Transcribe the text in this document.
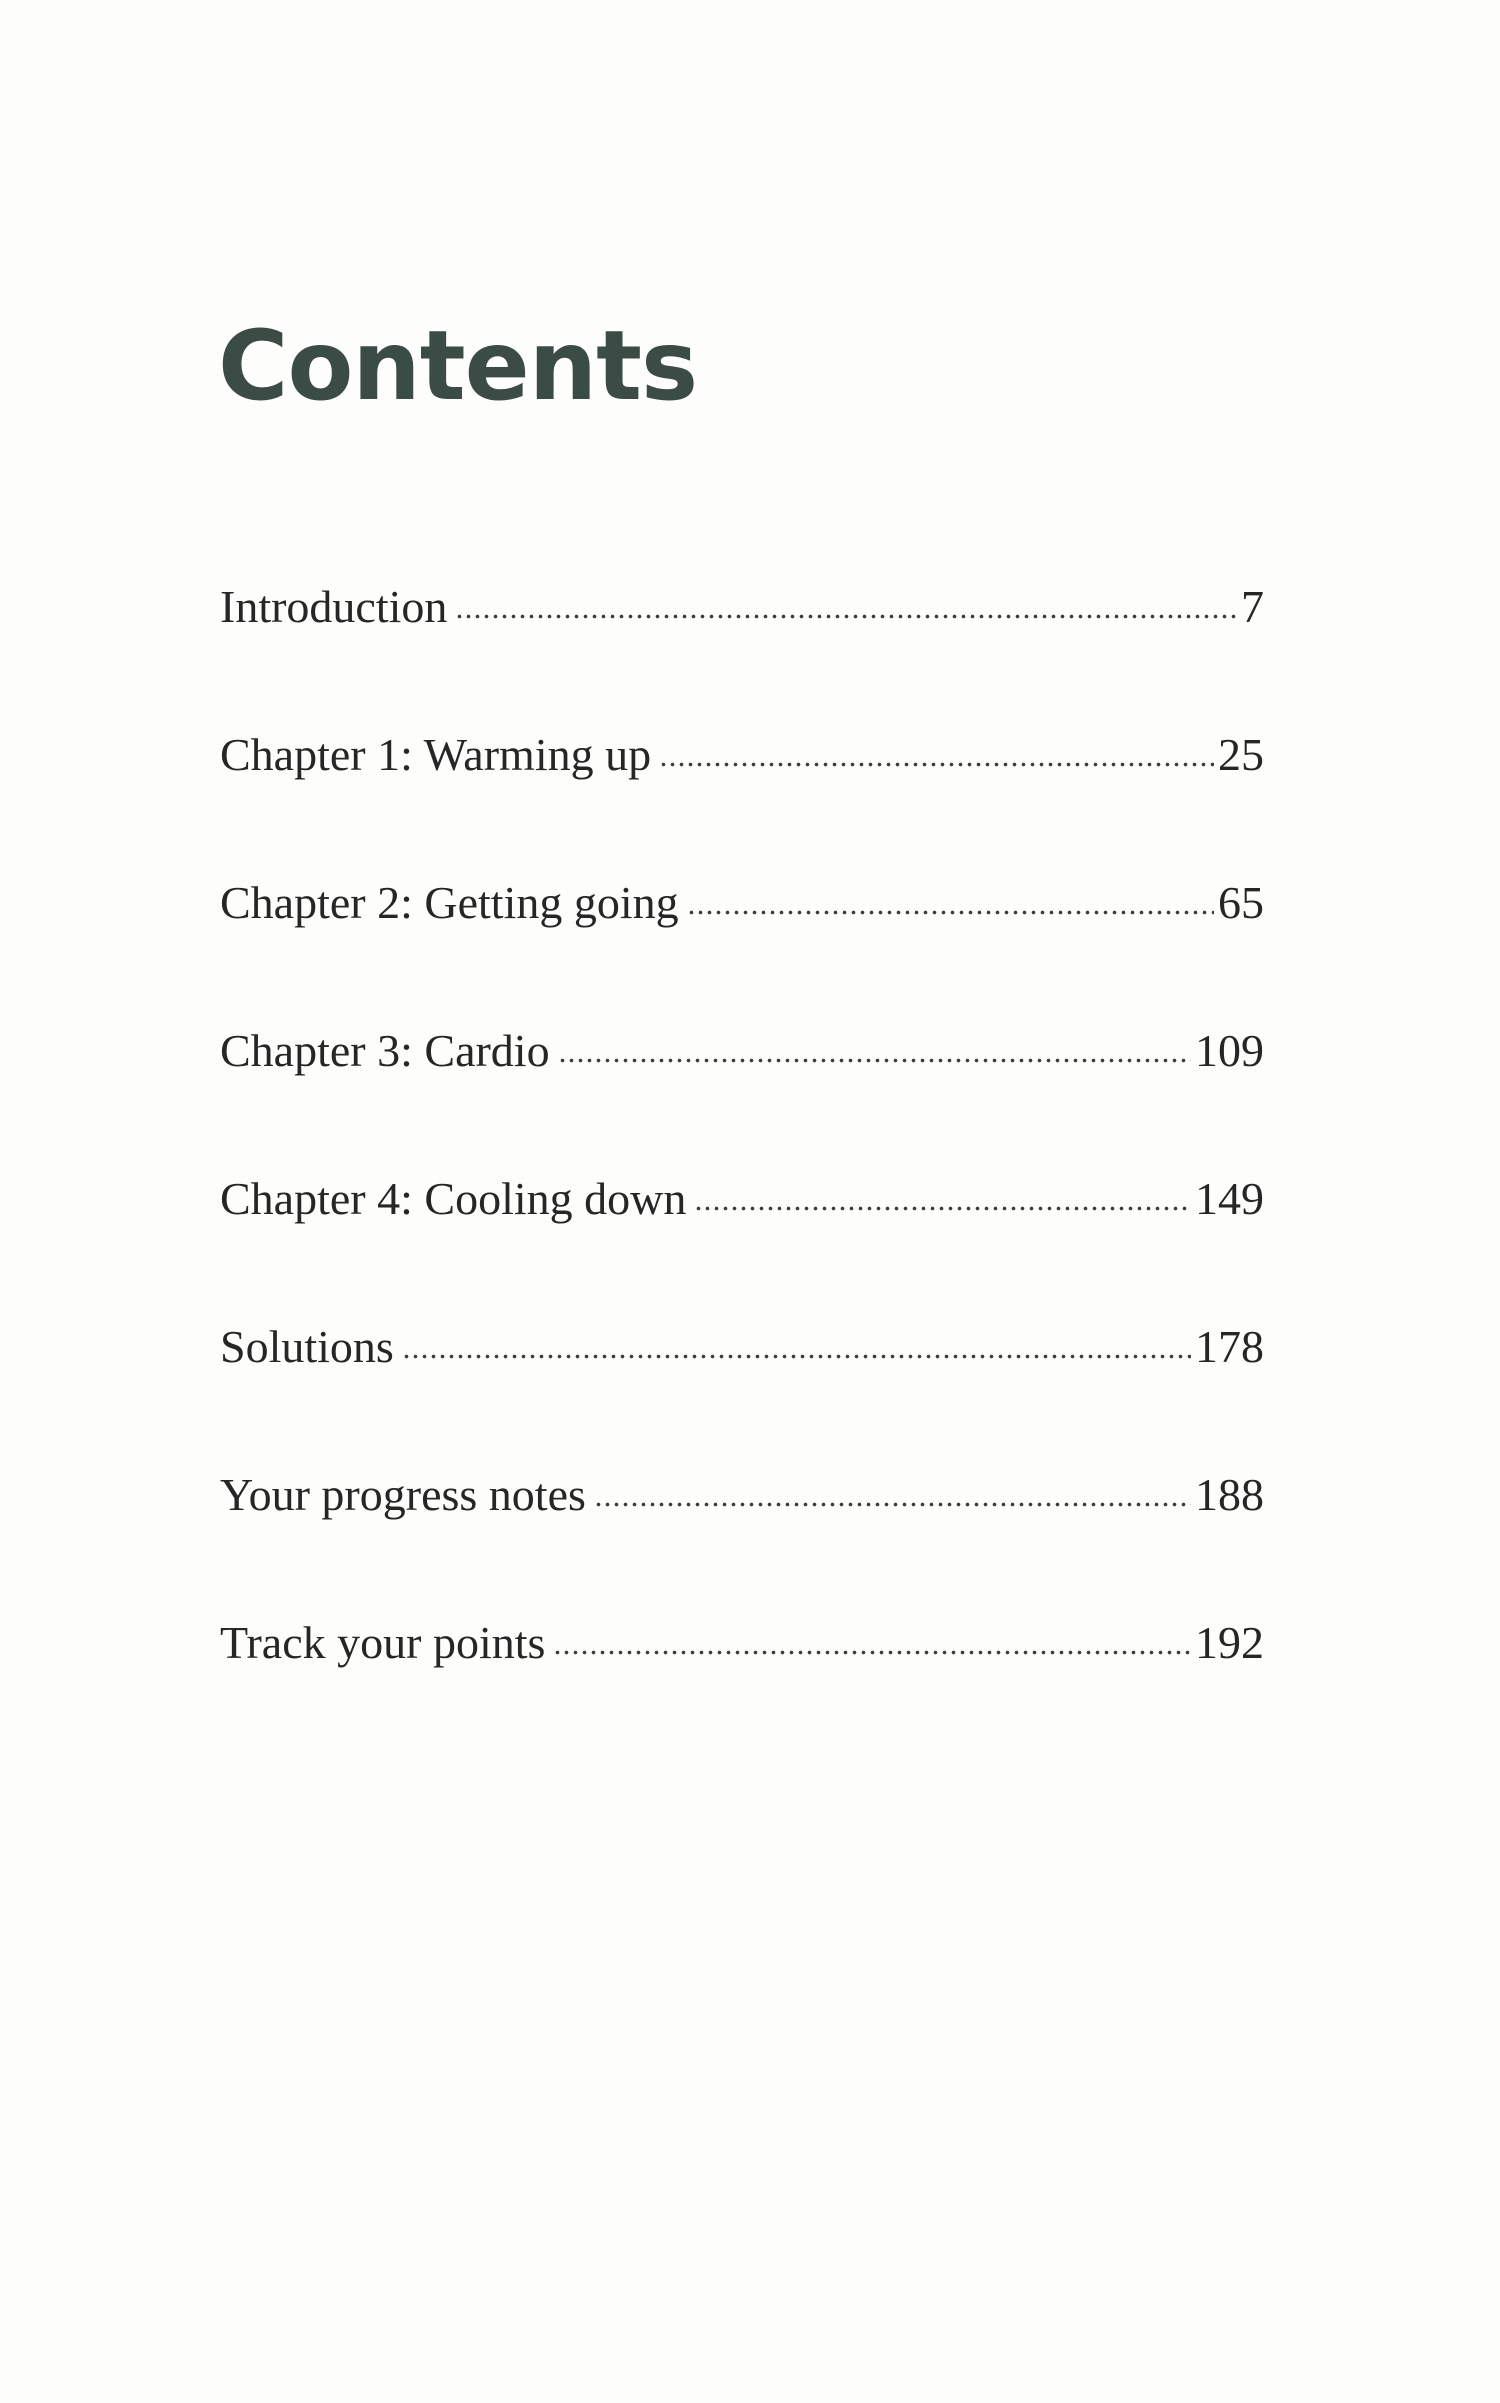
Contents
Introduction	7
Chapter 1: Warming up	25
Chapter 2: Getting going	65
Chapter 3: Cardio	109
Chapter 4: Cooling down	149
Solutions	178
Your progress notes	188
Track your points	192
